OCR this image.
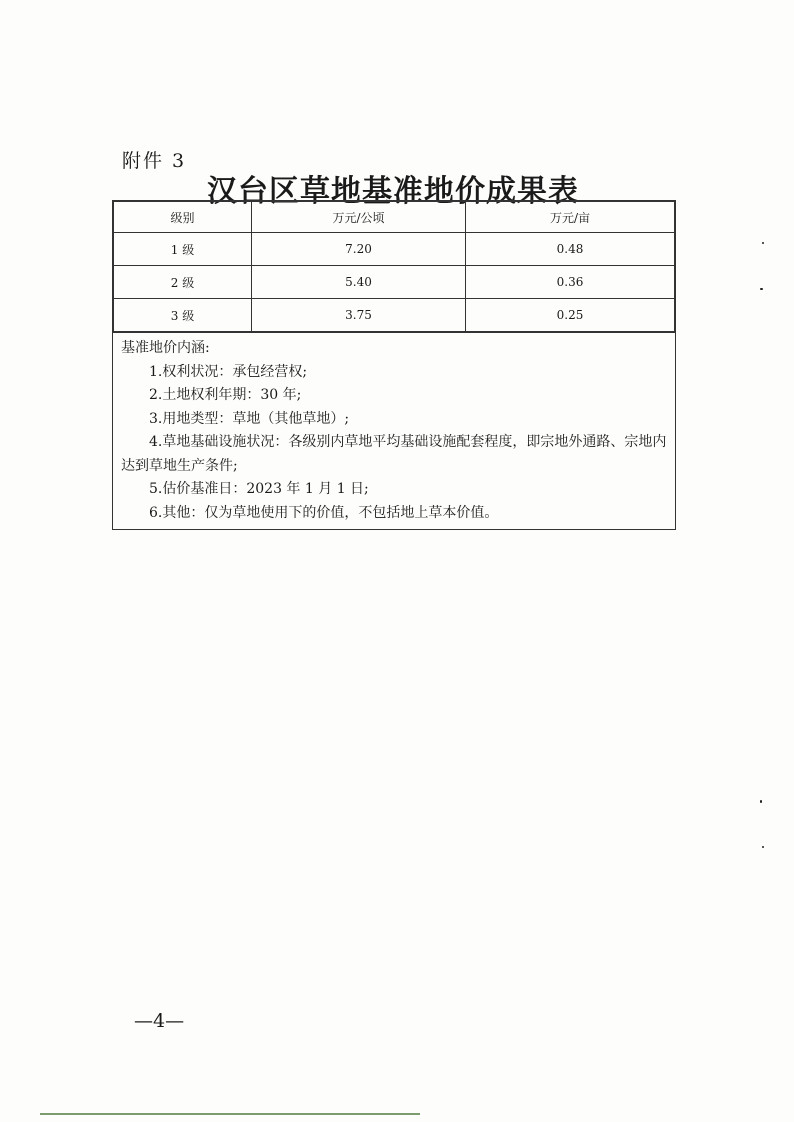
附件 3
汉台区草地基准地价成果表
级别	万元/公顷	万元/亩
1 级	7.20	0.48
2 级	5.40	0.36
3 级	3.75	0.25

基准地价内涵:

1.权利状况：承包经营权;

2.土地权利年期：30 年;

3.用地类型：草地（其他草地）;

4.草地基础设施状况：各级别内草地平均基础设施配套程度，即宗地外通路、宗地内达到草地生产条件;

5.估价基准日：2023 年 1 月 1 日;

6.其他：仅为草地使用下的价值，不包括地上草本价值。

—4—
